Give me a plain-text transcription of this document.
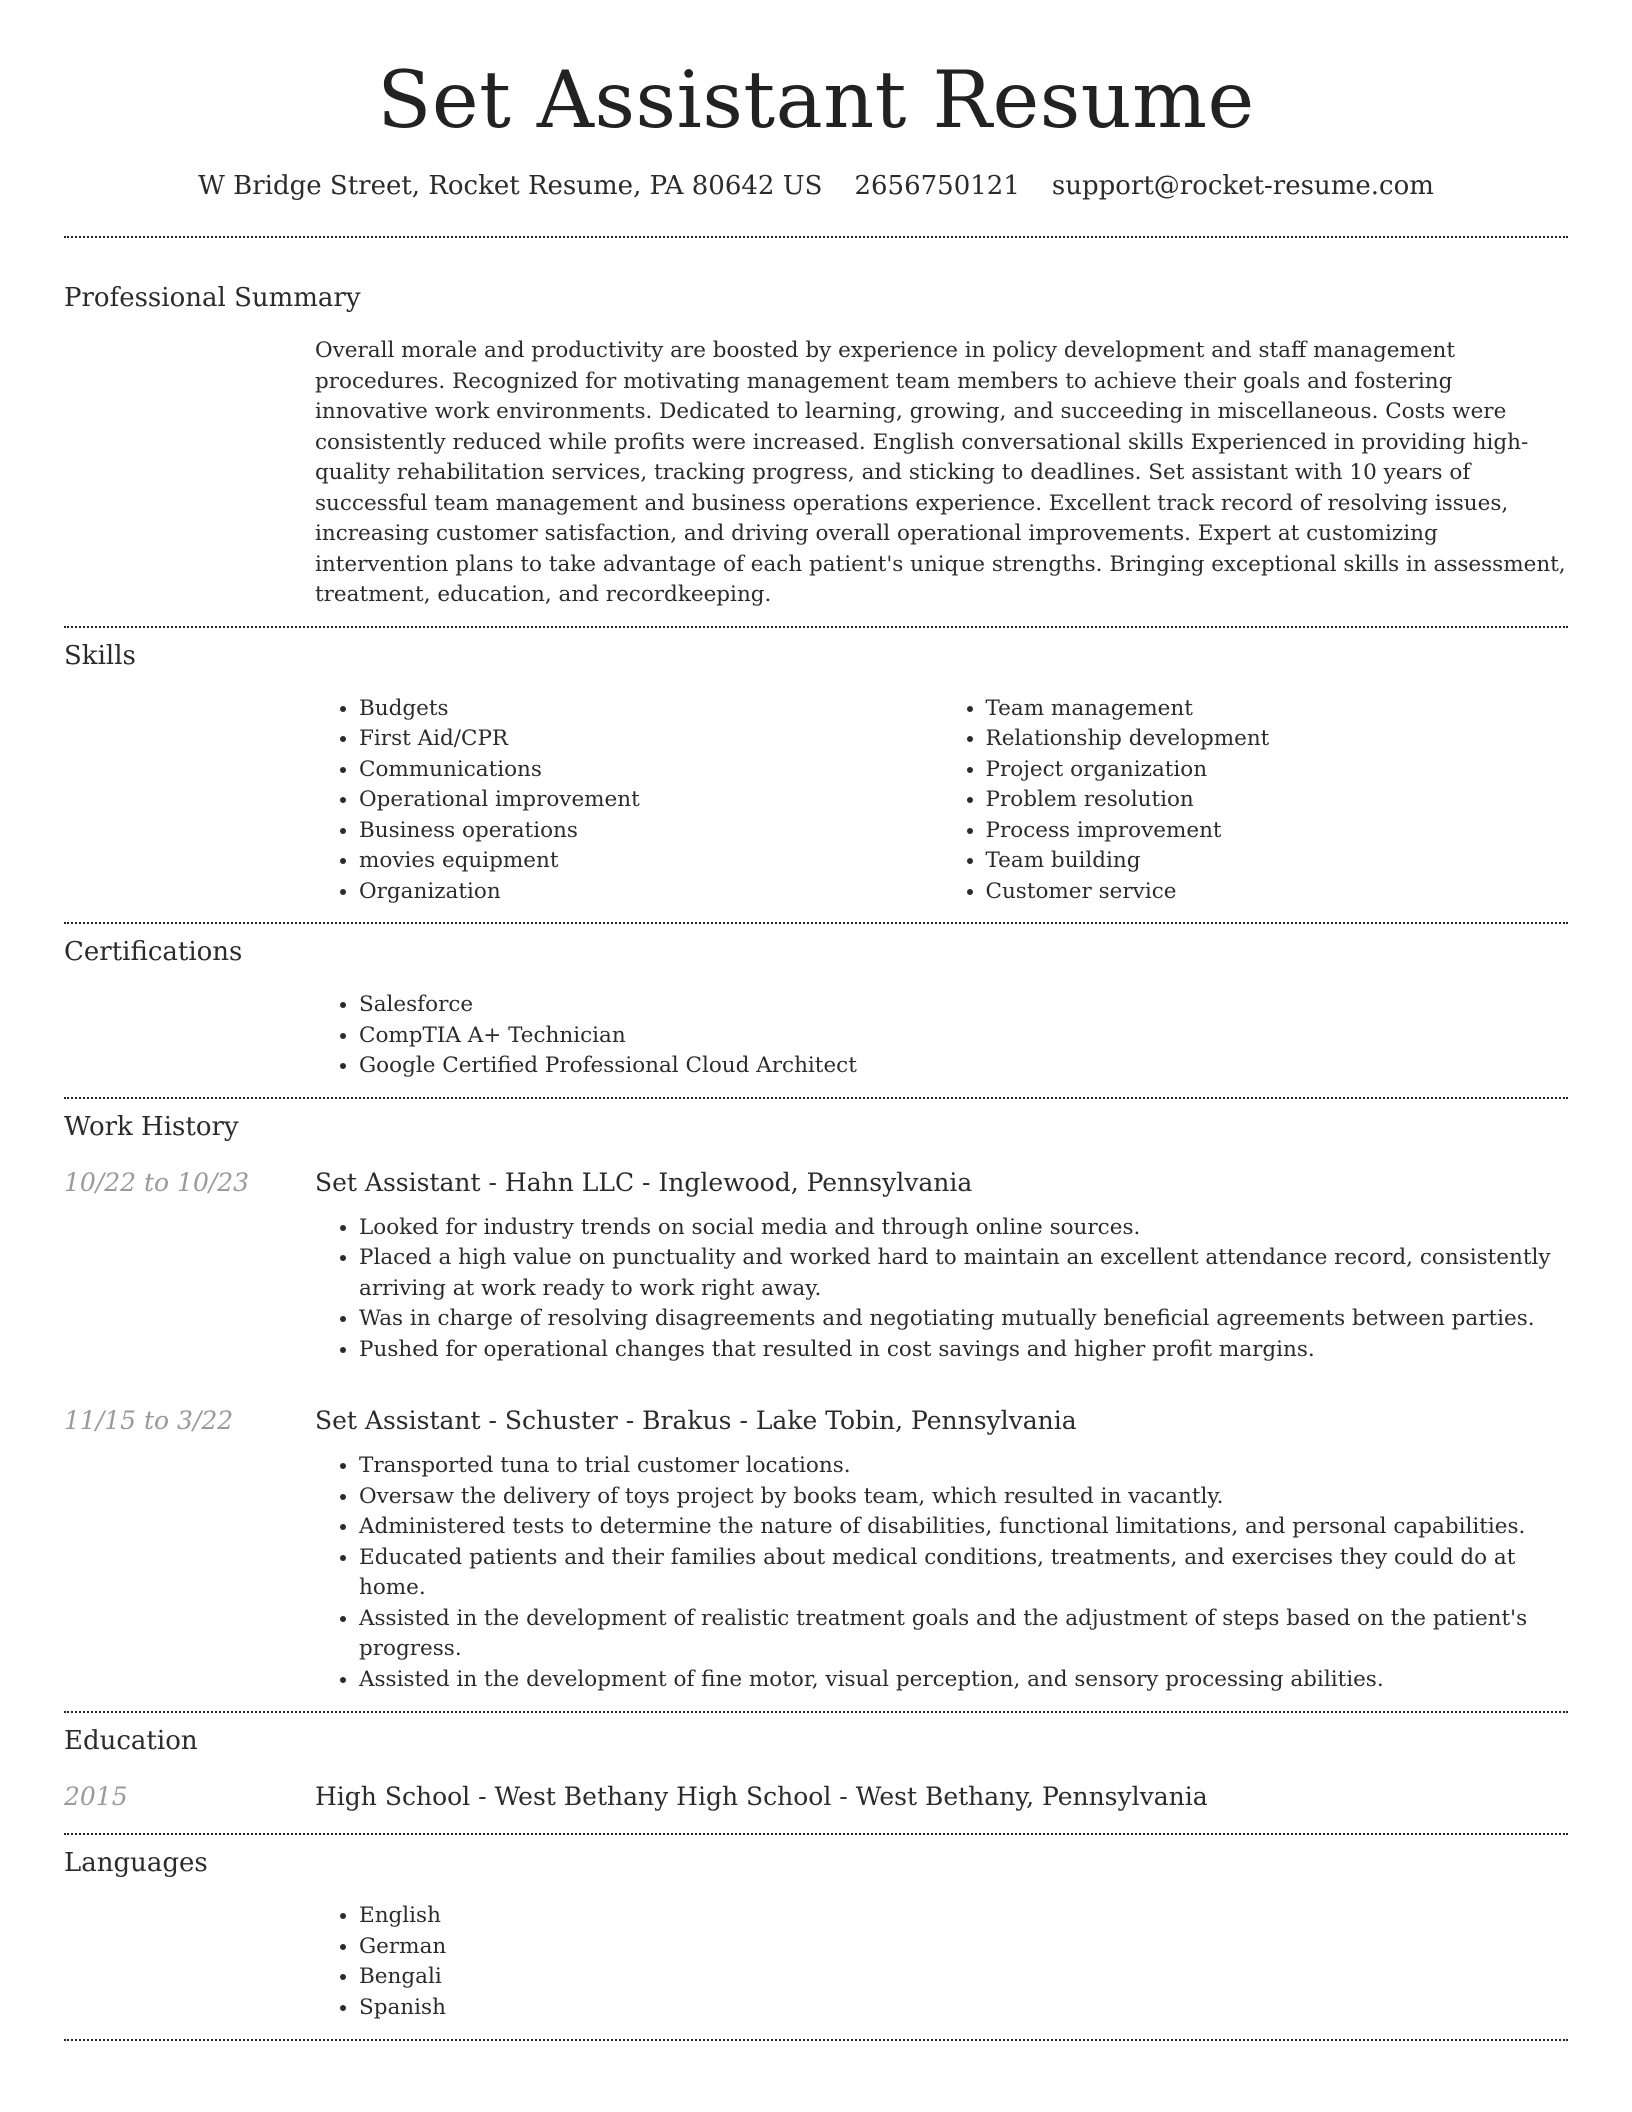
Set Assistant Resume
W Bridge Street, Rocket Resume, PA 80642 US 2656750121 support@rocket-resume.com
Professional Summary

Overall morale and productivity are boosted by experience in policy development and staff management procedures. Recognized for motivating management team members to achieve their goals and fostering innovative work environments. Dedicated to learning, growing, and succeeding in miscellaneous. Costs were consistently reduced while profits were increased. English conversational skills Experienced in providing high-quality rehabilitation services, tracking progress, and sticking to deadlines. Set assistant with 10 years of successful team management and business operations experience. Excellent track record of resolving issues, increasing customer satisfaction, and driving overall operational improvements. Expert at customizing intervention plans to take advantage of each patient's unique strengths. Bringing exceptional skills in assessment, treatment, education, and recordkeeping.

Skills
• Budgets
• First Aid/CPR
• Communications
• Operational improvement
• Business operations
• movies equipment
• Organization
• Team management
• Relationship development
• Project organization
• Problem resolution
• Process improvement
• Team building
• Customer service
Certifications
• Salesforce
• CompTIA A+ Technician
• Google Certified Professional Cloud Architect
Work History
10/22 to 10/23	Set Assistant - Hahn LLC - Inglewood, Pennsylvania
• Looked for industry trends on social media and through online sources.
• Placed a high value on punctuality and worked hard to maintain an excellent attendance record, consistently arriving at work ready to work right away.
• Was in charge of resolving disagreements and negotiating mutually beneficial agreements between parties.
• Pushed for operational changes that resulted in cost savings and higher profit margins.
11/15 to 3/22	Set Assistant - Schuster - Brakus - Lake Tobin, Pennsylvania
• Transported tuna to trial customer locations.
• Oversaw the delivery of toys project by books team, which resulted in vacantly.
• Administered tests to determine the nature of disabilities, functional limitations, and personal capabilities.
• Educated patients and their families about medical conditions, treatments, and exercises they could do at home.
• Assisted in the development of realistic treatment goals and the adjustment of steps based on the patient's progress.
• Assisted in the development of fine motor, visual perception, and sensory processing abilities.
Education
2015	High School - West Bethany High School - West Bethany, Pennsylvania
Languages
• English
• German
• Bengali
• Spanish
